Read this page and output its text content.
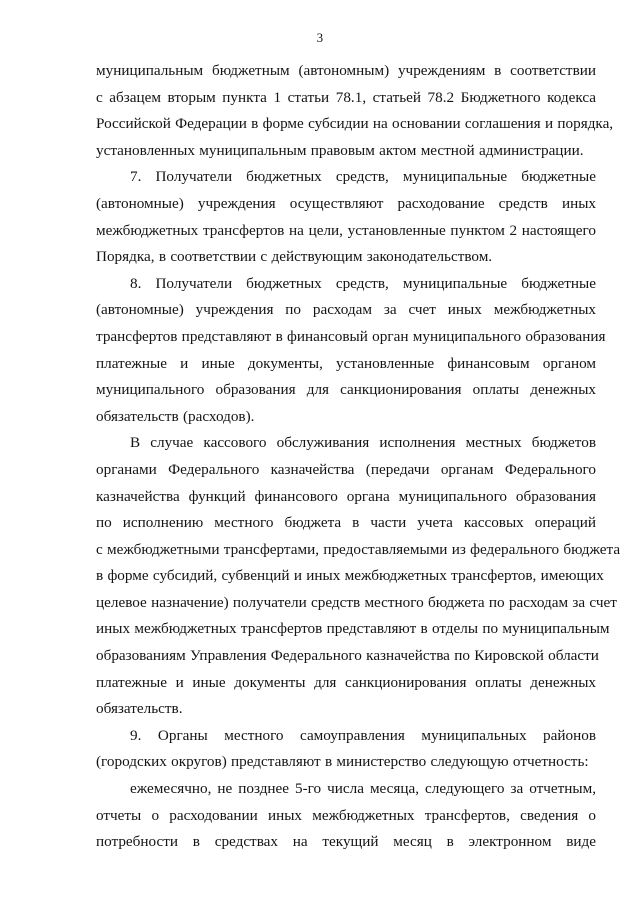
3
муниципальным бюджетным (автономным) учреждениям в соответствии
с абзацем вторым пункта 1 статьи 78.1, статьей 78.2 Бюджетного кодекса
Российской Федерации в форме субсидии на основании соглашения и порядка,
установленных муниципальным правовым актом местной администрации.
7. Получатели бюджетных средств, муниципальные бюджетные
(автономные) учреждения осуществляют расходование средств иных
межбюджетных трансфертов на цели, установленные пунктом 2 настоящего
Порядка, в соответствии с действующим законодательством.
8. Получатели бюджетных средств, муниципальные бюджетные
(автономные) учреждения по расходам за счет иных межбюджетных
трансфертов представляют в финансовый орган муниципального образования
платежные и иные документы, установленные финансовым органом
муниципального образования для санкционирования оплаты денежных
обязательств (расходов).
В случае кассового обслуживания исполнения местных бюджетов
органами Федерального казначейства (передачи органам Федерального
казначейства функций финансового органа муниципального образования
по исполнению местного бюджета в части учета кассовых операций
с межбюджетными трансфертами, предоставляемыми из федерального бюджета
в форме субсидий, субвенций и иных межбюджетных трансфертов, имеющих
целевое назначение) получатели средств местного бюджета по расходам за счет
иных межбюджетных трансфертов представляют в отделы по муниципальным
образованиям Управления Федерального казначейства по Кировской области
платежные и иные документы для санкционирования оплаты денежных
обязательств.
9. Органы местного самоуправления муниципальных районов
(городских округов) представляют в министерство следующую отчетность:
ежемесячно, не позднее 5-го числа месяца, следующего за отчетным,
отчеты о расходовании иных межбюджетных трансфертов, сведения о
потребности в средствах на текущий месяц в электронном виде
